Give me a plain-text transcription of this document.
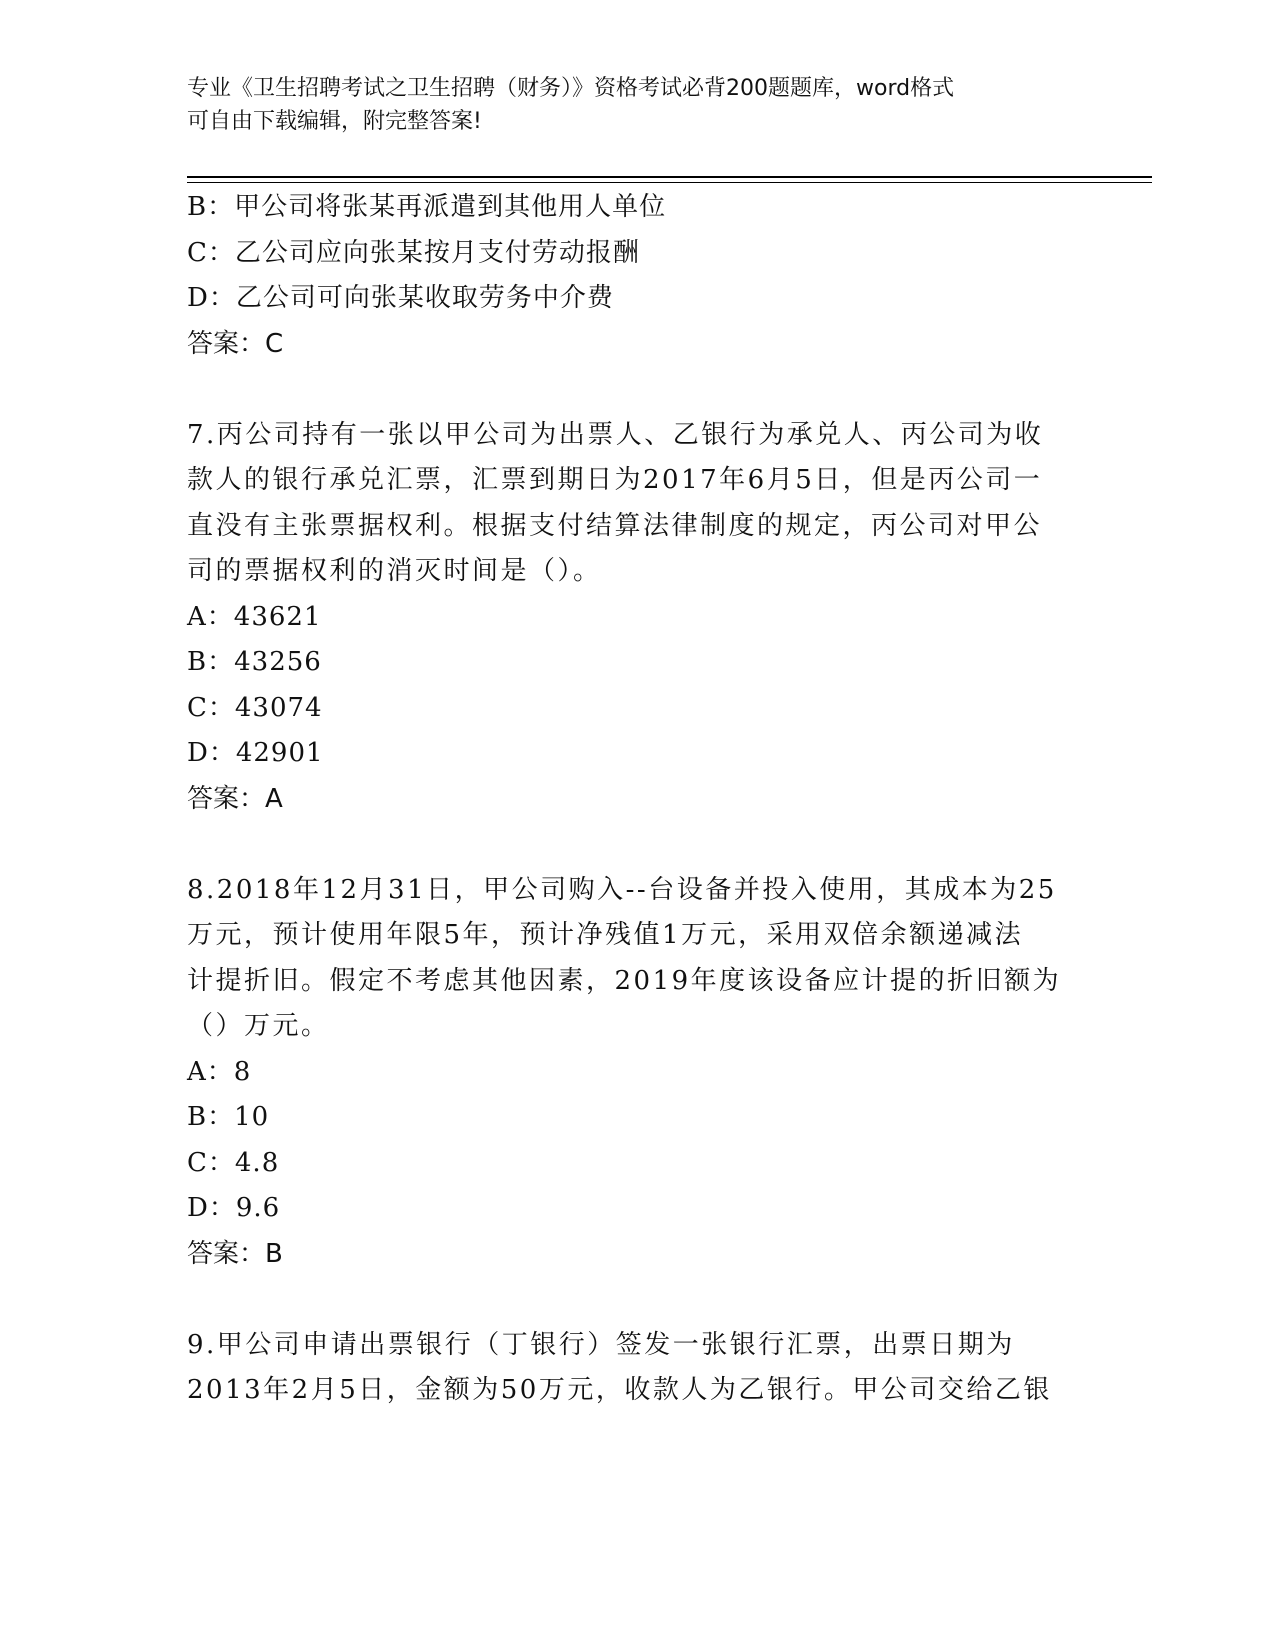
专业《卫生招聘考试之卫生招聘（财务）》资格考试必背200题题库，word格式
可自由下载编辑，附完整答案!
B：甲公司将张某再派遣到其他用人单位
C：乙公司应向张某按月支付劳动报酬
D：乙公司可向张某收取劳务中介费
答案：C
7.丙公司持有一张以甲公司为出票人、乙银行为承兑人、丙公司为收
款人的银行承兑汇票，汇票到期日为2017年6月5日，但是丙公司一
直没有主张票据权利。根据支付结算法律制度的规定，丙公司对甲公
司的票据权利的消灭时间是（）。
A：43621
B：43256
C：43074
D：42901
答案：A
8.2018年12月31日，甲公司购入--台设备并投入使用，其成本为25
万元，预计使用年限5年，预计净残值1万元，采用双倍余额递减法
计提折旧。假定不考虑其他因素，2019年度该设备应计提的折旧额为
（）万元。
A：8
B：10
C：4.8
D：9.6
答案：B
9.甲公司申请出票银行（丁银行）签发一张银行汇票，出票日期为
2013年2月5日，金额为50万元，收款人为乙银行。甲公司交给乙银
